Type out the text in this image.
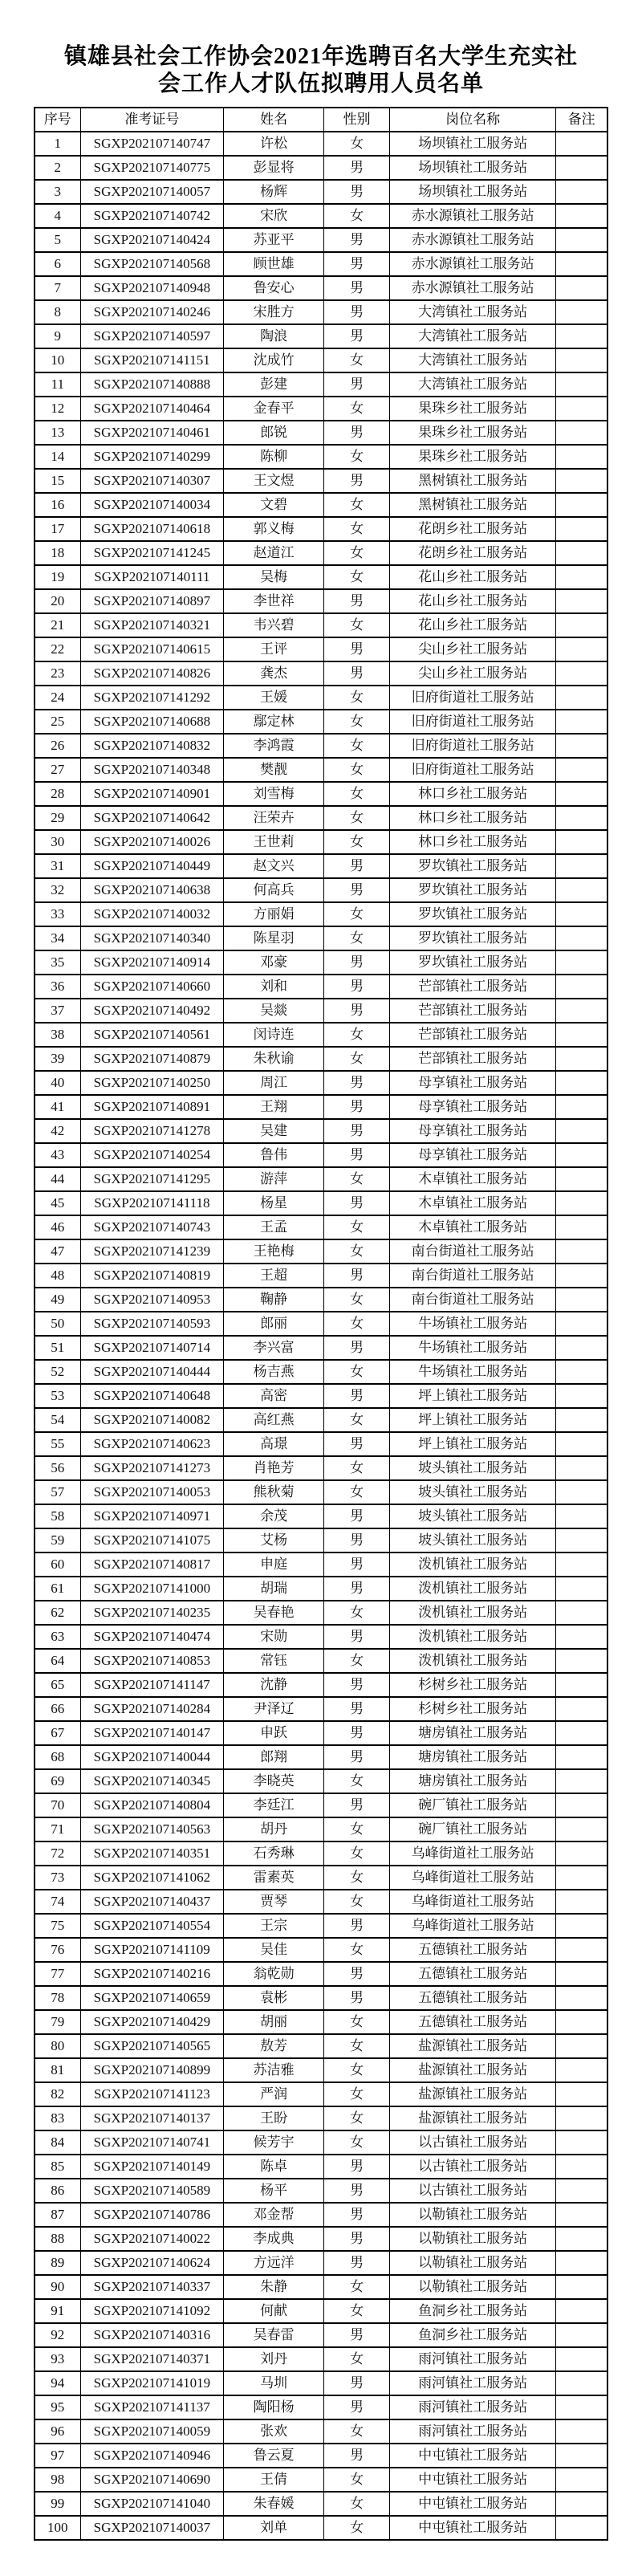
镇雄县社会工作协会2021年选聘百名大学生充实社
会工作人才队伍拟聘用人员名单
序号	准考证号	姓名	性别	岗位名称	备注
1	SGXP202107140747	许松	女	场坝镇社工服务站	
2	SGXP202107140775	彭显将	男	场坝镇社工服务站	
3	SGXP202107140057	杨辉	男	场坝镇社工服务站	
4	SGXP202107140742	宋欣	女	赤水源镇社工服务站	
5	SGXP202107140424	苏亚平	男	赤水源镇社工服务站	
6	SGXP202107140568	顾世雄	男	赤水源镇社工服务站	
7	SGXP202107140948	鲁安心	男	赤水源镇社工服务站	
8	SGXP202107140246	宋胜方	男	大湾镇社工服务站	
9	SGXP202107140597	陶浪	男	大湾镇社工服务站	
10	SGXP202107141151	沈成竹	女	大湾镇社工服务站	
11	SGXP202107140888	彭建	男	大湾镇社工服务站	
12	SGXP202107140464	金春平	女	果珠乡社工服务站	
13	SGXP202107140461	郎锐	男	果珠乡社工服务站	
14	SGXP202107140299	陈柳	女	果珠乡社工服务站	
15	SGXP202107140307	王文煜	男	黑树镇社工服务站	
16	SGXP202107140034	文碧	女	黑树镇社工服务站	
17	SGXP202107140618	郭义梅	女	花朗乡社工服务站	
18	SGXP202107141245	赵道江	女	花朗乡社工服务站	
19	SGXP202107140111	吴梅	女	花山乡社工服务站	
20	SGXP202107140897	李世祥	男	花山乡社工服务站	
21	SGXP202107140321	韦兴碧	女	花山乡社工服务站	
22	SGXP202107140615	王评	男	尖山乡社工服务站	
23	SGXP202107140826	龚杰	男	尖山乡社工服务站	
24	SGXP202107141292	王媛	女	旧府街道社工服务站	
25	SGXP202107140688	鄢定林	女	旧府街道社工服务站	
26	SGXP202107140832	李鸿霞	女	旧府街道社工服务站	
27	SGXP202107140348	樊靓	女	旧府街道社工服务站	
28	SGXP202107140901	刘雪梅	女	林口乡社工服务站	
29	SGXP202107140642	汪荣卉	女	林口乡社工服务站	
30	SGXP202107140026	王世莉	女	林口乡社工服务站	
31	SGXP202107140449	赵文兴	男	罗坎镇社工服务站	
32	SGXP202107140638	何高兵	男	罗坎镇社工服务站	
33	SGXP202107140032	方丽娟	女	罗坎镇社工服务站	
34	SGXP202107140340	陈星羽	女	罗坎镇社工服务站	
35	SGXP202107140914	邓豪	男	罗坎镇社工服务站	
36	SGXP202107140660	刘和	男	芒部镇社工服务站	
37	SGXP202107140492	吴燚	男	芒部镇社工服务站	
38	SGXP202107140561	闵诗连	女	芒部镇社工服务站	
39	SGXP202107140879	朱秋谕	女	芒部镇社工服务站	
40	SGXP202107140250	周江	男	母享镇社工服务站	
41	SGXP202107140891	王翔	男	母享镇社工服务站	
42	SGXP202107141278	吴建	男	母享镇社工服务站	
43	SGXP202107140254	鲁伟	男	母享镇社工服务站	
44	SGXP202107141295	游萍	女	木卓镇社工服务站	
45	SGXP202107141118	杨星	男	木卓镇社工服务站	
46	SGXP202107140743	王孟	女	木卓镇社工服务站	
47	SGXP202107141239	王艳梅	女	南台街道社工服务站	
48	SGXP202107140819	王超	男	南台街道社工服务站	
49	SGXP202107140953	鞠静	女	南台街道社工服务站	
50	SGXP202107140593	郎丽	女	牛场镇社工服务站	
51	SGXP202107140714	李兴富	男	牛场镇社工服务站	
52	SGXP202107140444	杨吉燕	女	牛场镇社工服务站	
53	SGXP202107140648	高密	男	坪上镇社工服务站	
54	SGXP202107140082	高红燕	女	坪上镇社工服务站	
55	SGXP202107140623	高璟	男	坪上镇社工服务站	
56	SGXP202107141273	肖艳芳	女	坡头镇社工服务站	
57	SGXP202107140053	熊秋菊	女	坡头镇社工服务站	
58	SGXP202107140971	余茂	男	坡头镇社工服务站	
59	SGXP202107141075	艾杨	男	坡头镇社工服务站	
60	SGXP202107140817	申庭	男	泼机镇社工服务站	
61	SGXP202107141000	胡瑞	男	泼机镇社工服务站	
62	SGXP202107140235	吴春艳	女	泼机镇社工服务站	
63	SGXP202107140474	宋勋	男	泼机镇社工服务站	
64	SGXP202107140853	常钰	女	泼机镇社工服务站	
65	SGXP202107141147	沈静	男	杉树乡社工服务站	
66	SGXP202107140284	尹泽辽	男	杉树乡社工服务站	
67	SGXP202107140147	申跃	男	塘房镇社工服务站	
68	SGXP202107140044	郎翔	男	塘房镇社工服务站	
69	SGXP202107140345	李晓英	女	塘房镇社工服务站	
70	SGXP202107140804	李廷江	男	碗厂镇社工服务站	
71	SGXP202107140563	胡丹	女	碗厂镇社工服务站	
72	SGXP202107140351	石秀琳	女	乌峰街道社工服务站	
73	SGXP202107141062	雷素英	女	乌峰街道社工服务站	
74	SGXP202107140437	贾琴	女	乌峰街道社工服务站	
75	SGXP202107140554	王宗	男	乌峰街道社工服务站	
76	SGXP202107141109	吴佳	女	五德镇社工服务站	
77	SGXP202107140216	翁乾勋	男	五德镇社工服务站	
78	SGXP202107140659	袁彬	男	五德镇社工服务站	
79	SGXP202107140429	胡丽	女	五德镇社工服务站	
80	SGXP202107140565	敖芳	女	盐源镇社工服务站	
81	SGXP202107140899	苏洁雅	女	盐源镇社工服务站	
82	SGXP202107141123	严润	女	盐源镇社工服务站	
83	SGXP202107140137	王盼	女	盐源镇社工服务站	
84	SGXP202107140741	候芳宇	女	以古镇社工服务站	
85	SGXP202107140149	陈卓	男	以古镇社工服务站	
86	SGXP202107140589	杨平	男	以古镇社工服务站	
87	SGXP202107140786	邓金帮	男	以勒镇社工服务站	
88	SGXP202107140022	李成典	男	以勒镇社工服务站	
89	SGXP202107140624	方远洋	男	以勒镇社工服务站	
90	SGXP202107140337	朱静	女	以勒镇社工服务站	
91	SGXP202107141092	何献	女	鱼洞乡社工服务站	
92	SGXP202107140316	吴春雷	男	鱼洞乡社工服务站	
93	SGXP202107140371	刘丹	女	雨河镇社工服务站	
94	SGXP202107141019	马圳	男	雨河镇社工服务站	
95	SGXP202107141137	陶阳杨	男	雨河镇社工服务站	
96	SGXP202107140059	张欢	女	雨河镇社工服务站	
97	SGXP202107140946	鲁云夏	男	中屯镇社工服务站	
98	SGXP202107140690	王倩	女	中屯镇社工服务站	
99	SGXP202107141040	朱春媛	女	中屯镇社工服务站	
100	SGXP202107140037	刘单	女	中屯镇社工服务站	
